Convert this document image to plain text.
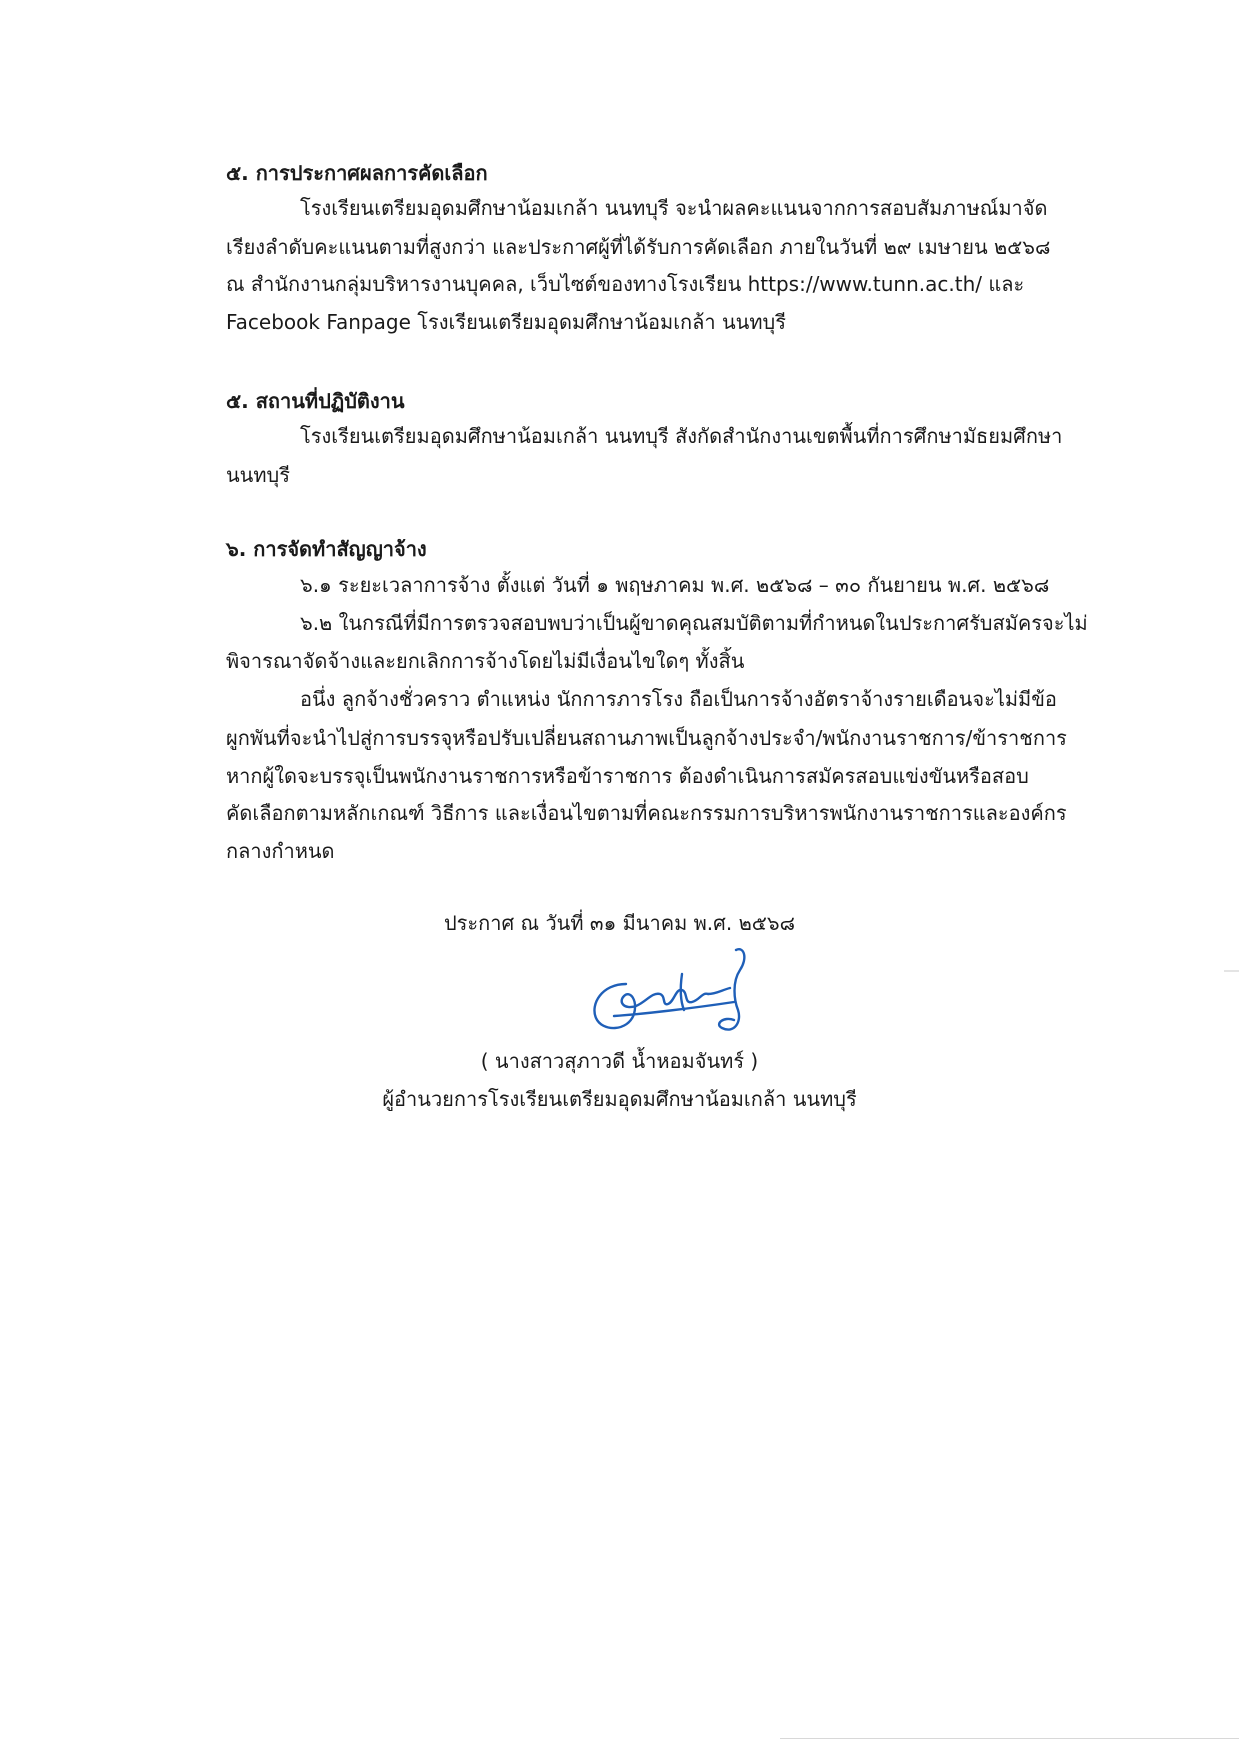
๕. การประกาศผลการคัดเลือก
โรงเรียนเตรียมอุดมศึกษาน้อมเกล้า นนทบุรี จะนำผลคะแนนจากการสอบสัมภาษณ์มาจัด
เรียงลำดับคะแนนตามที่สูงกว่า และประกาศผู้ที่ได้รับการคัดเลือก ภายในวันที่ ๒๙ เมษายน ๒๕๖๘
ณ สำนักงานกลุ่มบริหารงานบุคคล, เว็บไซต์ของทางโรงเรียน https://www.tunn.ac.th/ และ
Facebook Fanpage โรงเรียนเตรียมอุดมศึกษาน้อมเกล้า นนทบุรี
๕. สถานที่ปฏิบัติงาน
โรงเรียนเตรียมอุดมศึกษาน้อมเกล้า นนทบุรี สังกัดสำนักงานเขตพื้นที่การศึกษามัธยมศึกษา
นนทบุรี
๖. การจัดทำสัญญาจ้าง
๖.๑ ระยะเวลาการจ้าง ตั้งแต่ วันที่ ๑ พฤษภาคม พ.ศ. ๒๕๖๘ – ๓๐ กันยายน พ.ศ. ๒๕๖๘
๖.๒ ในกรณีที่มีการตรวจสอบพบว่าเป็นผู้ขาดคุณสมบัติตามที่กำหนดในประกาศรับสมัครจะไม่
พิจารณาจัดจ้างและยกเลิกการจ้างโดยไม่มีเงื่อนไขใดๆ ทั้งสิ้น
อนึ่ง ลูกจ้างชั่วคราว ตำแหน่ง นักการภารโรง ถือเป็นการจ้างอัตราจ้างรายเดือนจะไม่มีข้อ
ผูกพันที่จะนำไปสู่การบรรจุหรือปรับเปลี่ยนสถานภาพเป็นลูกจ้างประจำ/พนักงานราชการ/ข้าราชการ
หากผู้ใดจะบรรจุเป็นพนักงานราชการหรือข้าราชการ ต้องดำเนินการสมัครสอบแข่งขันหรือสอบ
คัดเลือกตามหลักเกณฑ์ วิธีการ และเงื่อนไขตามที่คณะกรรมการบริหารพนักงานราชการและองค์กร
กลางกำหนด
ประกาศ ณ วันที่ ๓๑ มีนาคม พ.ศ. ๒๕๖๘
( นางสาวสุภาวดี น้ำหอมจันทร์ )
ผู้อำนวยการโรงเรียนเตรียมอุดมศึกษาน้อมเกล้า นนทบุรี
